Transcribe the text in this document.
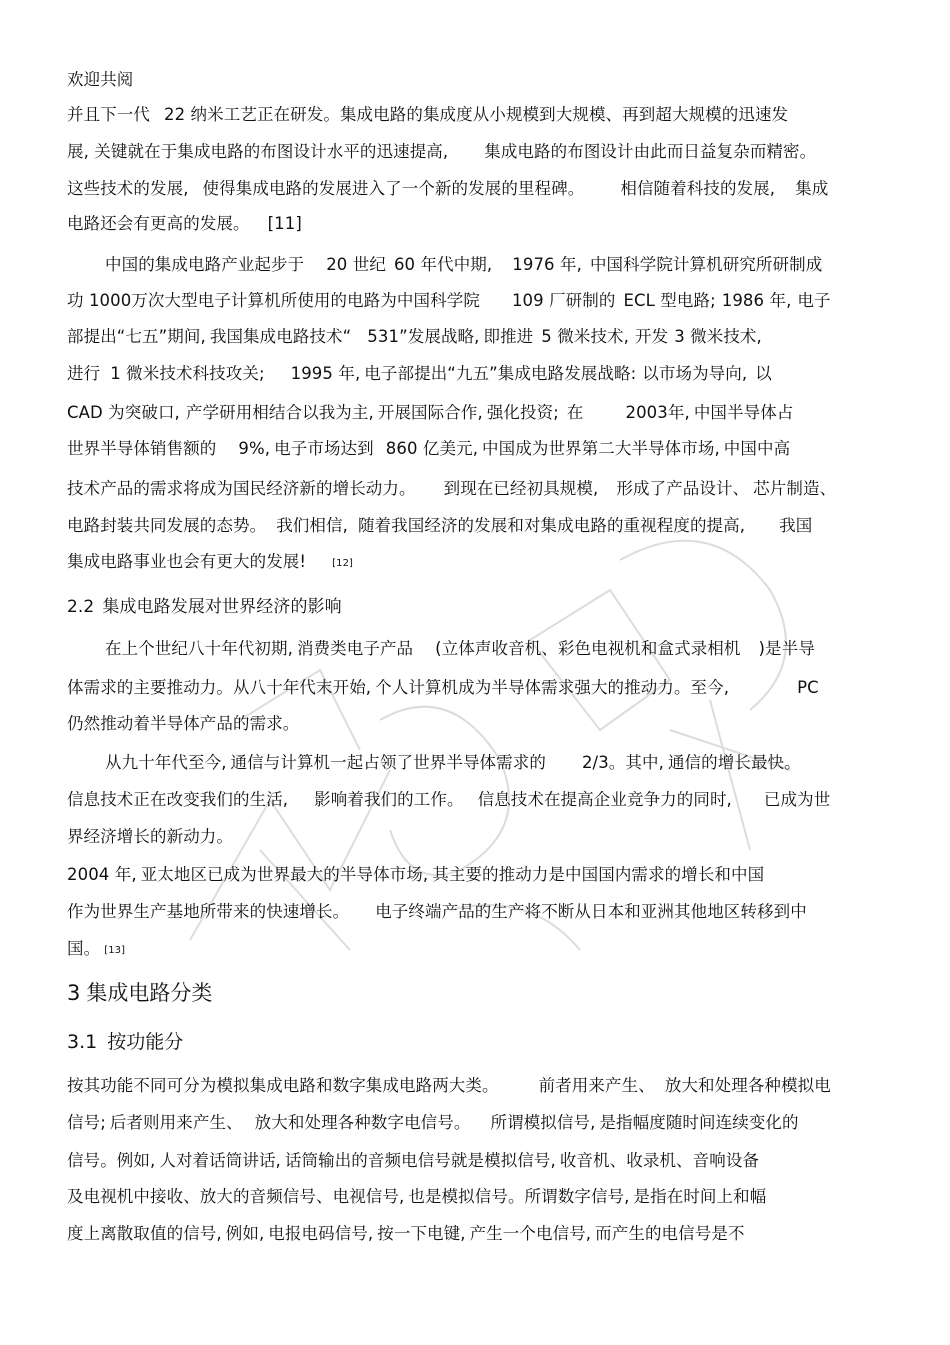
欢迎共阅
并且下一代 22 纳米工艺正在研发。集成电路的集成度从小规模到大规模、再到超大规模的迅速发
展, 关键就在于集成电路的布图设计水平的迅速提高, 集成电路的布图设计由此而日益复杂而精密。
这些技术的发展, 使得集成电路的发展进入了一个新的发展的里程碑。 相信随着科技的发展, 集成
电路还会有更高的发展。 [11]
中国的集成电路产业起步于 20 世纪 60 年代中期, 1976 年, 中国科学院计算机研究所研制成
功 1000万次大型电子计算机所使用的电路为中国科学院 109 厂研制的 ECL 型电路; 1986 年, 电子
部提出“七五”期间, 我国集成电路技术“ 531”发展战略, 即推进 5 微米技术, 开发 3 微米技术,
进行 1 微米技术科技攻关; 1995 年, 电子部提出“九五”集成电路发展战略: 以市场为导向, 以
CAD 为突破口, 产学研用相结合以我为主, 开展国际合作, 强化投资; 在	2003年, 中国半导体占
世界半导体销售额的 9%, 电子市场达到 860 亿美元, 中国成为世界第二大半导体市场, 中国中高
技术产品的需求将成为国民经济新的增长动力。 到现在已经初具规模, 形成了产品设计、 芯片制造、
电路封装共同发展的态势。 我们相信, 随着我国经济的发展和对集成电路的重视程度的提高, 我国
集成电路事业也会有更大的发展!	[12]
2.2 集成电路发展对世界经济的影响
在上个世纪八十年代初期, 消费类电子产品 (立体声收音机、彩色电视机和盒式录相机 )是半导
体需求的主要推动力。从八十年代末开始, 个人计算机成为半导体需求强大的推动力。至今,	PC
仍然推动着半导体产品的需求。
从九十年代至今, 通信与计算机一起占领了世界半导体需求的 2/3。其中, 通信的增长最快。
信息技术正在改变我们的生活, 影响着我们的工作。 信息技术在提高企业竞争力的同时, 已成为世
界经济增长的新动力。
2004 年, 亚太地区已成为世界最大的半导体市场, 其主要的推动力是中国国内需求的增长和中国
作为世界生产基地所带来的快速增长。 电子终端产品的生产将不断从日本和亚洲其他地区转移到中
国。 [13]
3 集成电路分类
3.1 按功能分
按其功能不同可分为模拟集成电路和数字集成电路两大类。 前者用来产生、 放大和处理各种模拟电
信号; 后者则用来产生、 放大和处理各种数字电信号。 所谓模拟信号, 是指幅度随时间连续变化的
信号。例如, 人对着话筒讲话, 话筒输出的音频电信号就是模拟信号, 收音机、收录机、音响设备
及电视机中接收、放大的音频信号、电视信号, 也是模拟信号。所谓数字信号, 是指在时间上和幅
度上离散取值的信号, 例如, 电报电码信号, 按一下电键, 产生一个电信号, 而产生的电信号是不
